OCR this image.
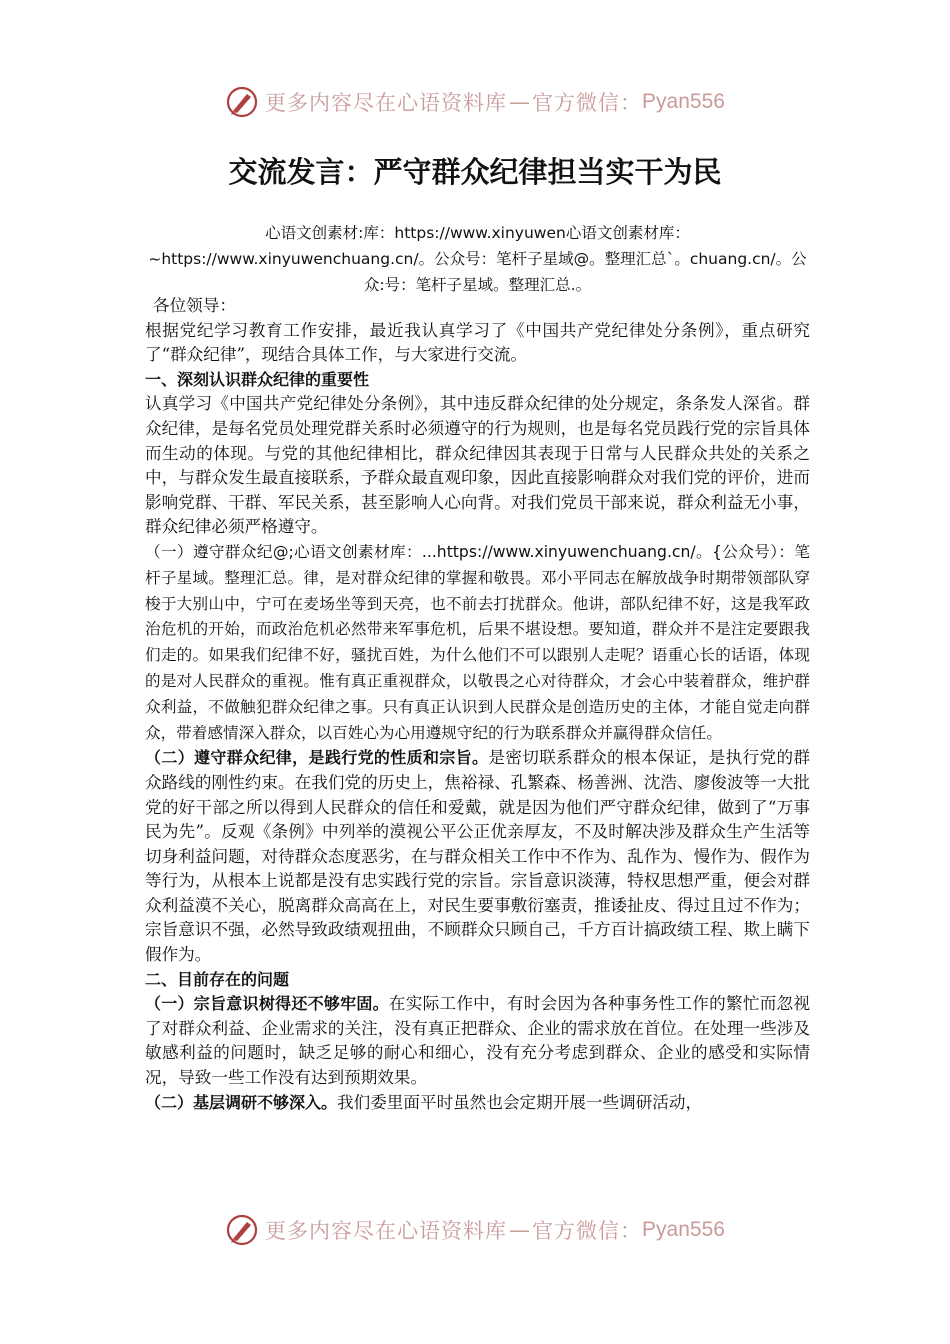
更多内容尽在心语资料库 — 官方微信： Pyan556
交流发言：严守群众纪律担当实干为民
心语文创素材:库：https://www.xinyuwen心语文创素材库：~https://www.xinyuwenchuang.cn/。公众号：笔杆子星域@。整理汇总`。chuang.cn/。公众:号：笔杆子星域。整理汇总.。

各位领导：

根据党纪学习教育工作安排，最近我认真学习了《中国共产党纪律处分条例》，重点研究了“群众纪律”，现结合具体工作，与大家进行交流。

一、深刻认识群众纪律的重要性

认真学习《中国共产党纪律处分条例》，其中违反群众纪律的处分规定，条条发人深省。群众纪律，是每名党员处理党群关系时必须遵守的行为规则，也是每名党员践行党的宗旨具体而生动的体现。与党的其他纪律相比，群众纪律因其表现于日常与人民群众共处的关系之中，与群众发生最直接联系，予群众最直观印象，因此直接影响群众对我们党的评价，进而影响党群、干群、军民关系，甚至影响人心向背。对我们党员干部来说，群众利益无小事，群众纪律必须严格遵守。

（一）遵守群众纪@;心语文创素材库：...https://www.xinyuwenchuang.cn/。{公众号）：笔杆子星域。整理汇总。律，是对群众纪律的掌握和敬畏。邓小平同志在解放战争时期带领部队穿梭于大别山中，宁可在麦场坐等到天亮，也不前去打扰群众。他讲，部队纪律不好，这是我军政治危机的开始，而政治危机必然带来军事危机，后果不堪设想。要知道，群众并不是注定要跟我们走的。如果我们纪律不好，骚扰百姓，为什么他们不可以跟别人走呢？语重心长的话语，体现的是对人民群众的重视。惟有真正重视群众，以敬畏之心对待群众，才会心中装着群众，维护群众利益，不做触犯群众纪律之事。只有真正认识到人民群众是创造历史的主体，才能自觉走向群众，带着感情深入群众，以百姓心为心用遵规守纪的行为联系群众并赢得群众信任。

（二）遵守群众纪律，是践行党的性质和宗旨。是密切联系群众的根本保证，是执行党的群众路线的刚性约束。在我们党的历史上，焦裕禄、孔繁森、杨善洲、沈浩、廖俊波等一大批党的好干部之所以得到人民群众的信任和爱戴，就是因为他们严守群众纪律，做到了“万事民为先”。反观《条例》中列举的漠视公平公正优亲厚友，不及时解决涉及群众生产生活等切身利益问题，对待群众态度恶劣，在与群众相关工作中不作为、乱作为、慢作为、假作为等行为，从根本上说都是没有忠实践行党的宗旨。宗旨意识淡薄，特权思想严重，便会对群众利益漠不关心，脱离群众高高在上，对民生要事敷衍塞责，推诿扯皮、得过且过不作为；宗旨意识不强，必然导致政绩观扭曲，不顾群众只顾自己，千方百计搞政绩工程、欺上瞒下假作为。

二、目前存在的问题

（一）宗旨意识树得还不够牢固。在实际工作中，有时会因为各种事务性工作的繁忙而忽视了对群众利益、企业需求的关注，没有真正把群众、企业的需求放在首位。在处理一些涉及敏感利益的问题时，缺乏足够的耐心和细心，没有充分考虑到群众、企业的感受和实际情况，导致一些工作没有达到预期效果。

（二）基层调研不够深入。我们委里面平时虽然也会定期开展一些调研活动，

更多内容尽在心语资料库 — 官方微信： Pyan556
